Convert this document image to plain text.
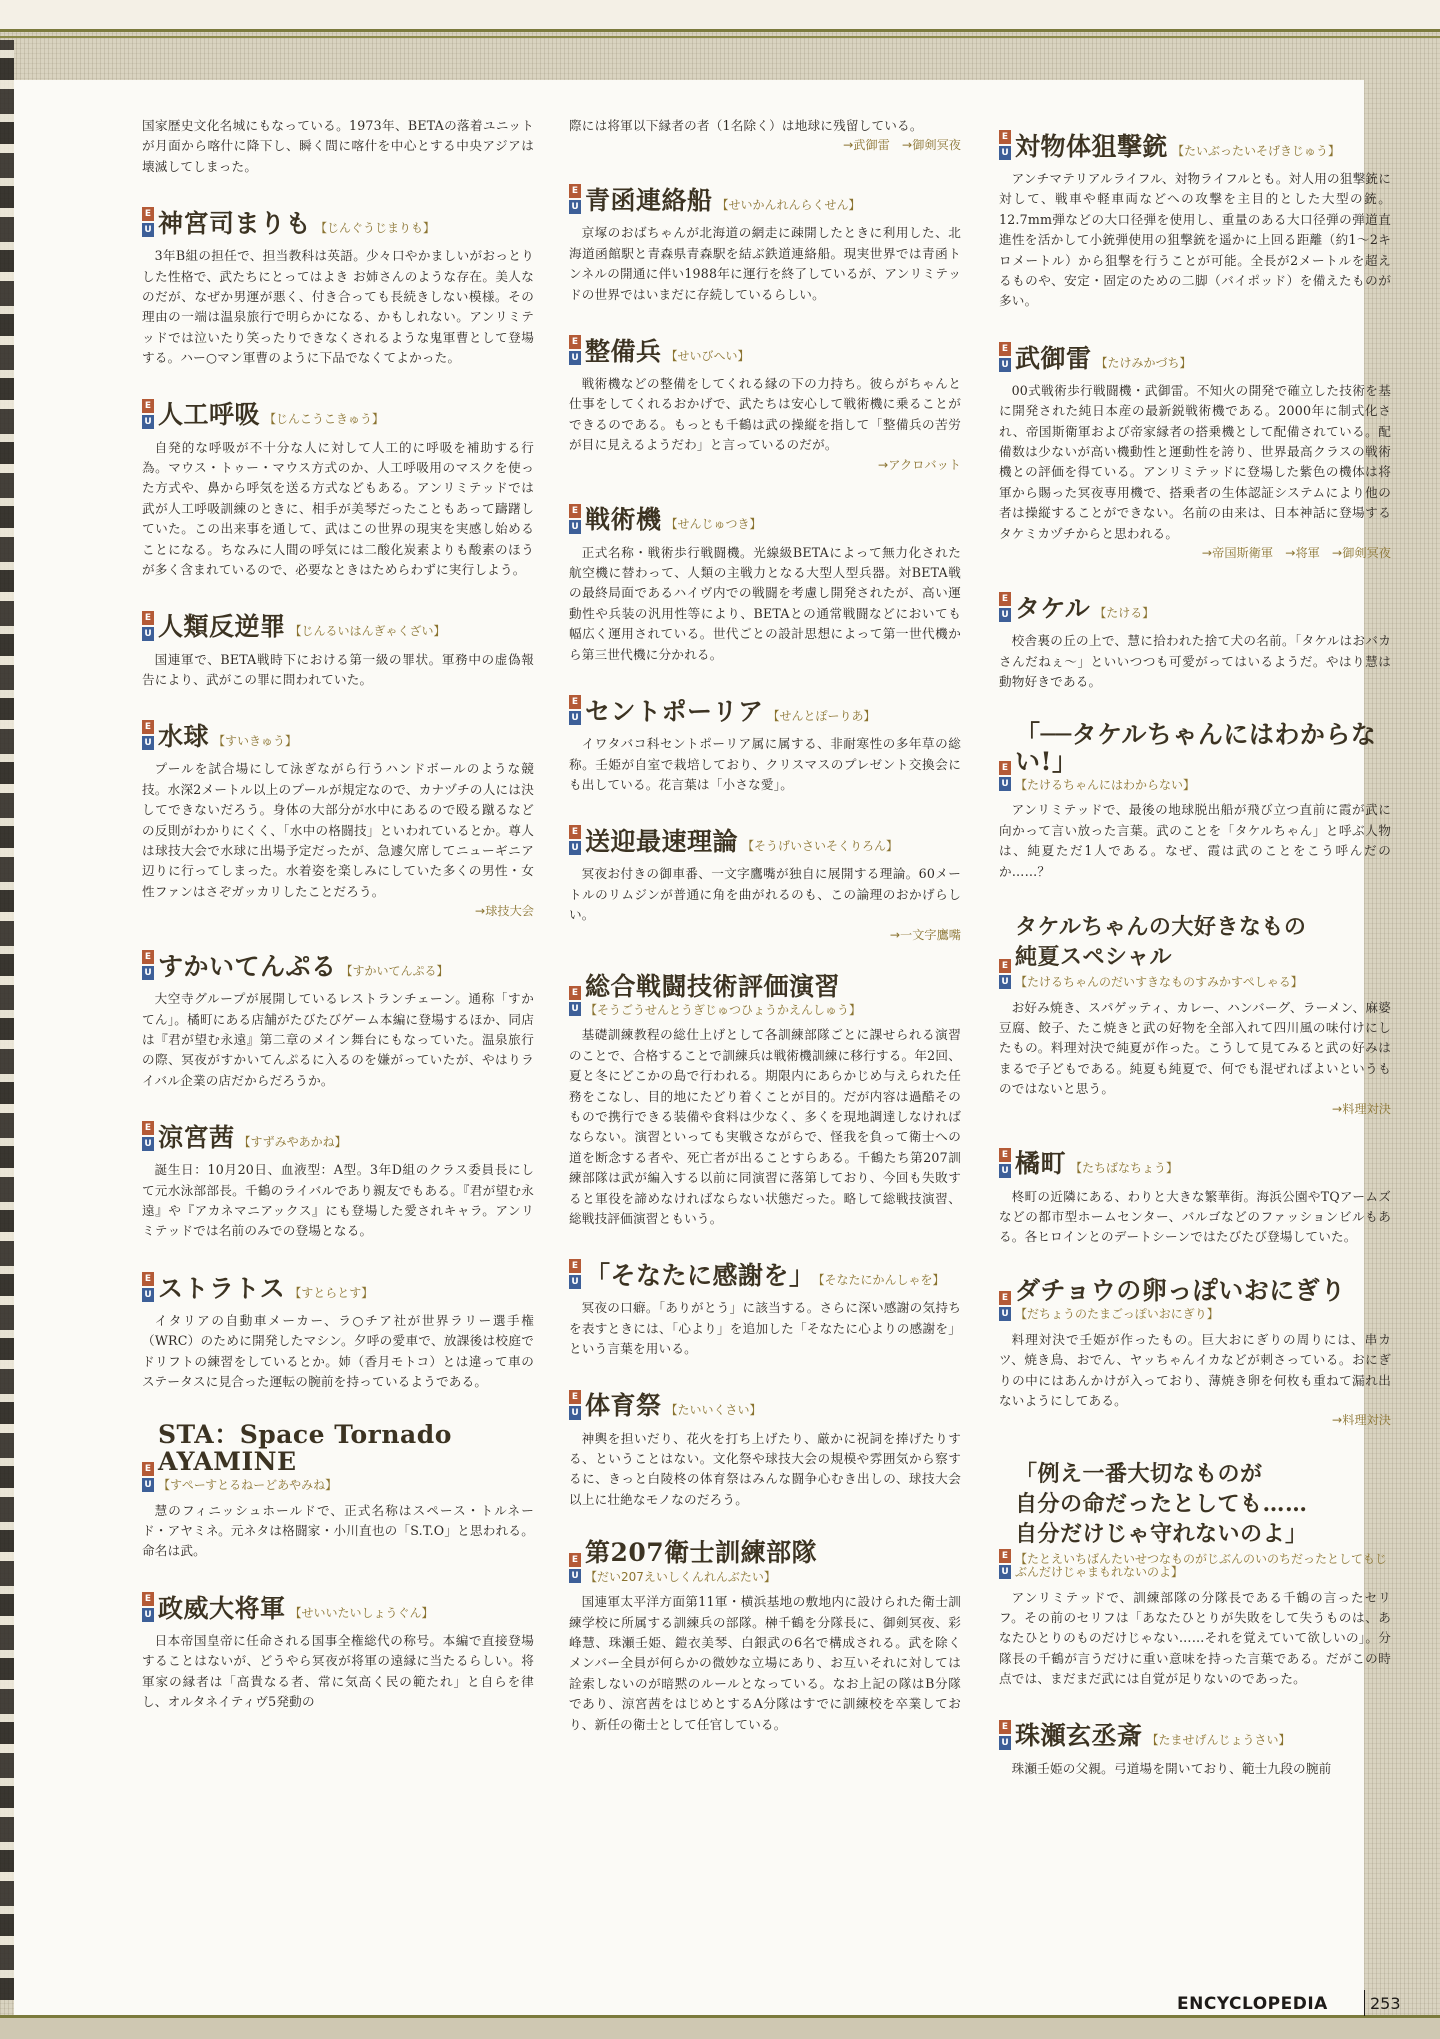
国家歴史文化名城にもなっている。1973年、BETAの落着ユニットが月面から喀什に降下し、瞬く間に喀什を中心とする中央アジアは壊滅してしまった。

E
U 神宮司まりも 【じんぐうじまりも】

3年B組の担任で、担当教科は英語。少々口やかましいがおっとりした性格で、武たちにとってはよき お姉さんのような存在。美人なのだが、なぜか男運が悪く、付き合っても長続きしない模様。その理由の一端は温泉旅行で明らかになる、かもしれない。アンリミテッドでは泣いたり笑ったりできなくされるような鬼軍曹として登場する。ハー○マン軍曹のように下品でなくてよかった。

E
U 人工呼吸 【じんこうこきゅう】

自発的な呼吸が不十分な人に対して人工的に呼吸を補助する行為。マウス・トゥー・マウス方式のか、人工呼吸用のマスクを使った方式や、鼻から呼気を送る方式などもある。アンリミテッドでは武が人工呼吸訓練のときに、相手が美琴だったこともあって躊躇していた。この出来事を通して、武はこの世界の現実を実感し始めることになる。ちなみに人間の呼気には二酸化炭素よりも酸素のほうが多く含まれているので、必要なときはためらわずに実行しよう。

E
U 人類反逆罪 【じんるいはんぎゃくざい】

国連軍で、BETA戦時下における第一級の罪状。軍務中の虚偽報告により、武がこの罪に問われていた。

E
U 水球 【すいきゅう】

プールを試合場にして泳ぎながら行うハンドボールのような競技。水深2メートル以上のプールが規定なので、カナヅチの人には決してできないだろう。身体の大部分が水中にあるので殴る蹴るなどの反則がわかりにくく、「水中の格闘技」といわれているとか。尊人は球技大会で水球に出場予定だったが、急遽欠席してニューギニア辺りに行ってしまった。水着姿を楽しみにしていた多くの男性・女性ファンはさぞガッカリしたことだろう。

→球技大会
E
U すかいてんぷる 【すかいてんぷる】

大空寺グループが展開しているレストランチェーン。通称「すかてん」。橘町にある店舗がたびたびゲーム本編に登場するほか、同店は『君が望む永遠』第二章のメイン舞台にもなっていた。温泉旅行の際、冥夜がすかいてんぷるに入るのを嫌がっていたが、やはりライバル企業の店だからだろうか。

E
U 涼宮茜 【すずみやあかね】

誕生日：10月20日、血液型：A型。3年D組のクラス委員長にして元水泳部部長。千鶴のライバルであり親友でもある。『君が望む永遠』や『アカネマニアックス』にも登場した愛されキャラ。アンリミテッドでは名前のみでの登場となる。

E
U ストラトス 【すとらとす】

イタリアの自動車メーカー、ラ○チア社が世界ラリー選手権（WRC）のために開発したマシン。夕呼の愛車で、放課後は校庭でドリフトの練習をしているとか。姉（香月モトコ）とは違って車のステータスに見合った運転の腕前を持っているようである。

E
U
STA：Space Tornado AYAMINE
【すぺーすとるねーどあやみね】

慧のフィニッシュホールドで、正式名称はスペース・トルネード・アヤミネ。元ネタは格闘家・小川直也の「S.T.O」と思われる。命名は武。

E
U 政威大将軍 【せいいたいしょうぐん】

日本帝国皇帝に任命される国事全権総代の称号。本編で直接登場することはないが、どうやら冥夜が将軍の遠縁に当たるらしい。将軍家の縁者は「高貴なる者、常に気高く民の範たれ」と自らを律し、オルタネイティヴ5発動の

際には将軍以下縁者の者（1名除く）は地球に残留している。

→武御雷　→御剣冥夜
E
U 青函連絡船 【せいかんれんらくせん】

京塚のおばちゃんが北海道の網走に疎開したときに利用した、北海道函館駅と青森県青森駅を結ぶ鉄道連絡船。現実世界では青函トンネルの開通に伴い1988年に運行を終了しているが、アンリミテッドの世界ではいまだに存続しているらしい。

E
U 整備兵 【せいびへい】

戦術機などの整備をしてくれる縁の下の力持ち。彼らがちゃんと仕事をしてくれるおかげで、武たちは安心して戦術機に乗ることができるのである。もっとも千鶴は武の操縦を指して「整備兵の苦労が目に見えるようだわ」と言っているのだが。

→アクロバット
E
U 戦術機 【せんじゅつき】

正式名称・戦術歩行戦闘機。光線級BETAによって無力化された航空機に替わって、人類の主戦力となる大型人型兵器。対BETA戦の最終局面であるハイヴ内での戦闘を考慮し開発されたが、高い運動性や兵装の汎用性等により、BETAとの通常戦闘などにおいても幅広く運用されている。世代ごとの設計思想によって第一世代機から第三世代機に分かれる。

E
U セントポーリア 【せんとぽーりあ】

イワタバコ科セントポーリア属に属する、非耐寒性の多年草の総称。壬姫が自室で栽培しており、クリスマスのプレゼント交換会にも出している。花言葉は「小さな愛」。

E
U 送迎最速理論 【そうげいさいそくりろん】

冥夜お付きの御車番、一文字鷹嘴が独自に展開する理論。60メートルのリムジンが普通に角を曲がれるのも、この論理のおかげらしい。

→一文字鷹嘴
E
U
総合戦闘技術評価演習
【そうごうせんとうぎじゅつひょうかえんしゅう】

基礎訓練教程の総仕上げとして各訓練部隊ごとに課せられる演習のことで、合格することで訓練兵は戦術機訓練に移行する。年2回、夏と冬にどこかの島で行われる。期限内にあらかじめ与えられた任務をこなし、目的地にたどり着くことが目的。だが内容は過酷そのもので携行できる装備や食料は少なく、多くを現地調達しなければならない。演習といっても実戦さながらで、怪我を負って衛士への道を断念する者や、死亡者が出ることすらある。千鶴たち第207訓練部隊は武が編入する以前に同演習に落第しており、今回も失敗すると軍役を諦めなければならない状態だった。略して総戦技演習、総戦技評価演習ともいう。

E
U 「そなたに感謝を」 【そなたにかんしゃを】

冥夜の口癖。「ありがとう」に該当する。さらに深い感謝の気持ちを表すときには、「心より」を追加した「そなたに心よりの感謝を」という言葉を用いる。

E
U 体育祭 【たいいくさい】

神輿を担いだり、花火を打ち上げたり、厳かに祝詞を捧げたりする、ということはない。文化祭や球技大会の規模や雰囲気から察するに、きっと白陵柊の体育祭はみんな闘争心むき出しの、球技大会以上に壮絶なモノなのだろう。

E
U
第207衛士訓練部隊
【だい207えいしくんれんぶたい】

国連軍太平洋方面第11軍・横浜基地の敷地内に設けられた衛士訓練学校に所属する訓練兵の部隊。榊千鶴を分隊長に、御剣冥夜、彩峰慧、珠瀬壬姫、鎧衣美琴、白銀武の6名で構成される。武を除くメンバー全員が何らかの微妙な立場にあり、お互いそれに対しては詮索しないのが暗黙のルールとなっている。なお上記の隊はB分隊であり、涼宮茜をはじめとするA分隊はすでに訓練校を卒業しており、新任の衛士として任官している。

E
U 対物体狙撃銃 【たいぶったいそげきじゅう】

アンチマテリアルライフル、対物ライフルとも。対人用の狙撃銃に対して、戦車や軽車両などへの攻撃を主目的とした大型の銃。12.7mm弾などの大口径弾を使用し、重量のある大口径弾の弾道直進性を活かして小銃弾使用の狙撃銃を遥かに上回る距離（約1～2キロメートル）から狙撃を行うことが可能。全長が2メートルを超えるものや、安定・固定のための二脚（バイポッド）を備えたものが多い。

E
U 武御雷 【たけみかづち】

00式戦術歩行戦闘機・武御雷。不知火の開発で確立した技術を基に開発された純日本産の最新鋭戦術機である。2000年に制式化され、帝国斯衛軍および帝家縁者の搭乗機として配備されている。配備数は少ないが高い機動性と運動性を誇り、世界最高クラスの戦術機との評価を得ている。アンリミテッドに登場した紫色の機体は将軍から賜った冥夜専用機で、搭乗者の生体認証システムにより他の者は操縦することができない。名前の由来は、日本神話に登場するタケミカヅチからと思われる。

→帝国斯衛軍　→将軍　→御剣冥夜
E
U タケル 【たける】

校舎裏の丘の上で、慧に拾われた捨て犬の名前。「タケルはおバカさんだねぇ～」といいつつも可愛がってはいるようだ。やはり慧は動物好きである。

E
U
「──タケルちゃんにはわからない!」
【たけるちゃんにはわからない】

アンリミテッドで、最後の地球脱出船が飛び立つ直前に霞が武に向かって言い放った言葉。武のことを「タケルちゃん」と呼ぶ人物は、純夏ただ1人である。なぜ、霞は武のことをこう呼んだのか……？

E
U
タケルちゃんの大好きなもの
純夏スペシャル
【たけるちゃんのだいすきなものすみかすぺしゃる】

お好み焼き、スパゲッティ、カレー、ハンバーグ、ラーメン、麻婆豆腐、餃子、たこ焼きと武の好物を全部入れて四川風の味付けにしたもの。料理対決で純夏が作った。こうして見てみると武の好みはまるで子どもである。純夏も純夏で、何でも混ぜればよいというものではないと思う。

→料理対決
E
U 橘町 【たちばなちょう】

柊町の近隣にある、わりと大きな繁華街。海浜公園やTQアームズなどの都市型ホームセンター、バルゴなどのファッションビルもある。各ヒロインとのデートシーンではたびたび登場していた。

E
U
ダチョウの卵っぽいおにぎり
【だちょうのたまごっぽいおにぎり】

料理対決で壬姫が作ったもの。巨大おにぎりの周りには、串カツ、焼き鳥、おでん、ヤッちゃんイカなどが刺さっている。おにぎりの中にはあんかけが入っており、薄焼き卵を何枚も重ねて漏れ出ないようにしてある。

→料理対決
E
U
「例え一番大切なものが
自分の命だったとしても……
自分だけじゃ守れないのよ」
【たとえいちばんたいせつなものがじぶんのいのちだったとしてもじぶんだけじゃまもれないのよ】

アンリミテッドで、訓練部隊の分隊長である千鶴の言ったセリフ。その前のセリフは「あなたひとりが失敗をして失うものは、あなたひとりのものだけじゃない……それを覚えていて欲しいの」。分隊長の千鶴が言うだけに重い意味を持った言葉である。だがこの時点では、まだまだ武には自覚が足りないのであった。

E
U 珠瀬玄丞斎 【たませげんじょうさい】

珠瀬壬姫の父親。弓道場を開いており、範士九段の腕前

ENCYCLOPEDIA	253
